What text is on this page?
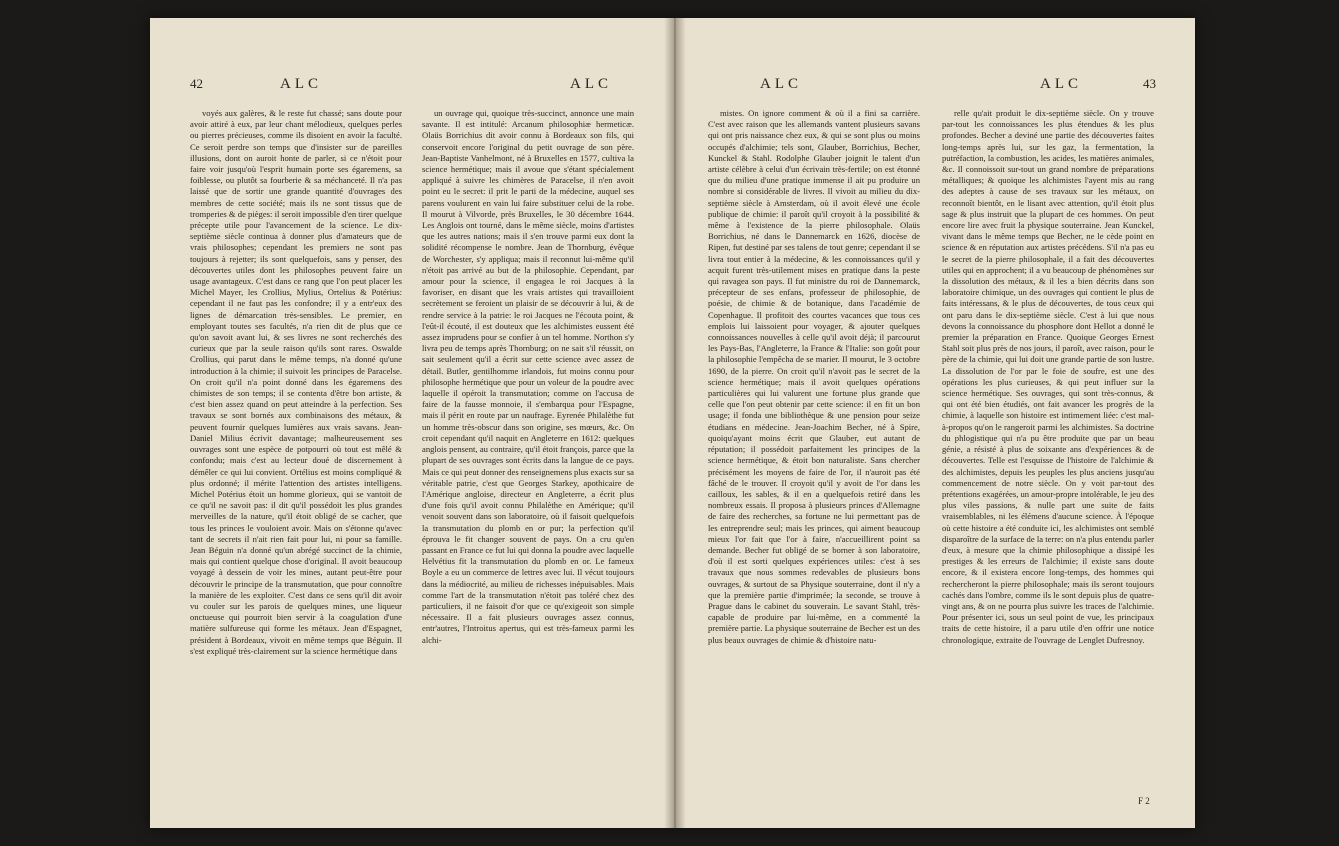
42	ALC	ALC

voyés aux galères, & le reste fut chassé; sans doute pour avoir attiré à eux, par leur chant mélodieux, quelques perles ou pierres précieuses, comme ils disoient en avoir la faculté. Ce seroit perdre son temps que d'insister sur de pareilles illusions, dont on auroit honte de parler, si ce n'étoit pour faire voir jusqu'où l'esprit humain porte ses égaremens, sa foiblesse, ou plutôt sa fourberie & sa méchanceté. Il n'a pas laissé que de sortir une grande quantité d'ouvrages des membres de cette société; mais ils ne sont tissus que de tromperies & de pièges: il seroit impossible d'en tirer quelque précepte utile pour l'avancement de la science. Le dix-septième siècle continua à donner plus d'amateurs que de vrais philosophes; cependant les premiers ne sont pas toujours à rejetter; ils sont quelquefois, sans y penser, des découvertes utiles dont les philosophes peuvent faire un usage avantageux. C'est dans ce rang que l'on peut placer les Michel Mayer, les Crollius, Mylius, Ortelius & Potérius: cependant il ne faut pas les confondre; il y a entr'eux des lignes de démarcation très-sensibles. Le premier, en employant toutes ses facultés, n'a rien dit de plus que ce qu'on savoit avant lui, & ses livres ne sont recherchés des curieux que par la seule raison qu'ils sont rares. Oswalde Crollius, qui parut dans le même temps, n'a donné qu'une introduction à la chimie; il suivoit les principes de Paracelse. On croit qu'il n'a point donné dans les égaremens des chimistes de son temps; il se contenta d'être bon artiste, & c'est bien assez quand on peut atteindre à la perfection. Ses travaux se sont bornés aux combinaisons des métaux, & peuvent fournir quelques lumières aux vrais savans. Jean-Daniel Milius écrivit davantage; malheureusement ses ouvrages sont une espèce de potpourri où tout est mêlé & confondu; mais c'est au lecteur doué de discernement à démêler ce qui lui convient. Ortélius est moins compliqué & plus ordonné; il mérite l'attention des artistes intelligens. Michel Potérius étoit un homme glorieux, qui se vantoit de ce qu'il ne savoit pas: il dit qu'il possédoit les plus grandes merveilles de la nature, qu'il étoit obligé de se cacher, que tous les princes le vouloient avoir. Mais on s'étonne qu'avec tant de secrets il n'ait rien fait pour lui, ni pour sa famille. Jean Béguin n'a donné qu'un abrégé succinct de la chimie, mais qui contient quelque chose d'original. Il avoit beaucoup voyagé à dessein de voir les mines, autant peut-être pour découvrir le principe de la transmutation, que pour connoître la manière de les exploiter. C'est dans ce sens qu'il dit avoir vu couler sur les parois de quelques mines, une liqueur onctueuse qui pourroit bien servir à la coagulation d'une matière sulfureuse qui forme les métaux. Jean d'Espagnet, président à Bordeaux, vivoit en même temps que Béguin. Il s'est expliqué très-clairement sur la science hermétique dans

un ouvrage qui, quoique très-succinct, annonce une main savante. Il est intitulé: Arcanum philosophiæ hermeticæ. Olaüs Borrichius dit avoir connu à Bordeaux son fils, qui conservoit encore l'original du petit ouvrage de son père. Jean-Baptiste Vanhelmont, né à Bruxelles en 1577, cultiva la science hermétique; mais il avoue que s'étant spécialement appliqué à suivre les chimères de Paracelse, il n'en avoit point eu le secret: il prit le parti de la médecine, auquel ses parens voulurent en vain lui faire substituer celui de la robe. Il mourut à Vilvorde, près Bruxelles, le 30 décembre 1644. Les Anglois ont tourné, dans le même siècle, moins d'artistes que les autres nations; mais il s'en trouve parmi eux dont la solidité récompense le nombre. Jean de Thornburg, évêque de Worchester, s'y appliqua; mais il reconnut lui-même qu'il n'étoit pas arrivé au but de la philosophie. Cependant, par amour pour la science, il engagea le roi Jacques à la favoriser, en disant que les vrais artistes qui travailloient secrètement se feroient un plaisir de se découvrir à lui, & de rendre service à la patrie: le roi Jacques ne l'écouta point, & l'eût-il écouté, il est douteux que les alchimistes eussent été assez imprudens pour se confier à un tel homme. Northon s'y livra peu de temps après Thornburg; on ne sait s'il réussit, on sait seulement qu'il a écrit sur cette science avec assez de détail. Butler, gentilhomme irlandois, fut moins connu pour philosophe hermétique que pour un voleur de la poudre avec laquelle il opéroit la transmutation; comme on l'accusa de faire de la fausse monnoie, il s'embarqua pour l'Espagne, mais il périt en route par un naufrage. Eyrenée Philalèthe fut un homme très-obscur dans son origine, ses mœurs, &c. On croit cependant qu'il naquit en Angleterre en 1612: quelques anglois pensent, au contraire, qu'il étoit françois, parce que la plupart de ses ouvrages sont écrits dans la langue de ce pays. Mais ce qui peut donner des renseignemens plus exacts sur sa véritable patrie, c'est que Georges Starkey, apothicaire de l'Amérique angloise, directeur en Angleterre, a écrit plus d'une fois qu'il avoit connu Philalèthe en Amérique; qu'il venoit souvent dans son laboratoire, où il faisoit quelquefois la transmutation du plomb en or pur; la perfection qu'il éprouva le fit changer souvent de pays. On a cru qu'en passant en France ce fut lui qui donna la poudre avec laquelle Helvétius fit la transmutation du plomb en or. Le fameux Boyle a eu un commerce de lettres avec lui. Il vécut toujours dans la médiocrité, au milieu de richesses inépuisables. Mais comme l'art de la transmutation n'étoit pas toléré chez des particuliers, il ne faisoit d'or que ce qu'exigeoit son simple nécessaire. Il a fait plusieurs ouvrages assez connus, entr'autres, l'Introitus apertus, qui est très-fameux parmi les alchi-

ALC	ALC	43

mistes. On ignore comment & où il a fini sa carrière. C'est avec raison que les allemands vantent plusieurs savans qui ont pris naissance chez eux, & qui se sont plus ou moins occupés d'alchimie; tels sont, Glauber, Borrichius, Becher, Kunckel & Stahl. Rodolphe Glauber joignit le talent d'un artiste célèbre à celui d'un écrivain très-fertile; on est étonné que du milieu d'une pratique immense il ait pu produire un nombre si considérable de livres. Il vivoit au milieu du dix-septième siècle à Amsterdam, où il avoit élevé une école publique de chimie: il paroît qu'il croyoit à la possibilité & même à l'existence de la pierre philosophale. Olaüs Borrichius, né dans le Dannemarck en 1626, diocèse de Ripen, fut destiné par ses talens de tout genre; cependant il se livra tout entier à la médecine, & les connoissances qu'il y acquit furent très-utilement mises en pratique dans la peste qui ravagea son pays. Il fut ministre du roi de Dannemarck, précepteur de ses enfans, professeur de philosophie, de poésie, de chimie & de botanique, dans l'académie de Copenhague. Il profitoit des courtes vacances que tous ces emplois lui laissoient pour voyager, & ajouter quelques connoissances nouvelles à celle qu'il avoit déjà; il parcourut les Pays-Bas, l'Angleterre, la France & l'Italie: son goût pour la philosophie l'empêcha de se marier. Il mourut, le 3 octobre 1690, de la pierre. On croit qu'il n'avoit pas le secret de la science hermétique; mais il avoit quelques opérations particulières qui lui valurent une fortune plus grande que celle que l'on peut obtenir par cette science: il en fit un bon usage; il fonda une bibliothèque & une pension pour seize étudians en médecine. Jean-Joachim Becher, né à Spire, quoiqu'ayant moins écrit que Glauber, eut autant de réputation; il possédoit parfaitement les principes de la science hermétique, & étoit bon naturaliste. Sans chercher précisément les moyens de faire de l'or, il n'auroit pas été fâché de le trouver. Il croyoit qu'il y avoit de l'or dans les cailloux, les sables, & il en a quelquefois retiré dans les nombreux essais. Il proposa à plusieurs princes d'Allemagne de faire des recherches, sa fortune ne lui permettant pas de les entreprendre seul; mais les princes, qui aiment beaucoup mieux l'or fait que l'or à faire, n'accueillirent point sa demande. Becher fut obligé de se borner à son laboratoire, d'où il est sorti quelques expériences utiles: c'est à ses travaux que nous sommes redevables de plusieurs bons ouvrages, & surtout de sa Physique souterraine, dont il n'y a que la première partie d'imprimée; la seconde, se trouve à Prague dans le cabinet du souverain. Le savant Stahl, très-capable de produire par lui-même, en a commenté la première partie. La physique souterraine de Becher est un des plus beaux ouvrages de chimie & d'histoire natu-

relle qu'ait produit le dix-septième siècle. On y trouve par-tout les connoissances les plus étendues & les plus profondes. Becher a deviné une partie des découvertes faites long-temps après lui, sur les gaz, la fermentation, la putréfaction, la combustion, les acides, les matières animales, &c. Il connoissoit sur-tout un grand nombre de préparations métalliques; & quoique les alchimistes l'ayent mis au rang des adeptes à cause de ses travaux sur les métaux, on reconnoît bientôt, en le lisant avec attention, qu'il étoit plus sage & plus instruit que la plupart de ces hommes. On peut encore lire avec fruit la physique souterraine. Jean Kunckel, vivant dans le même temps que Becher, ne le cède point en science & en réputation aux artistes précédens. S'il n'a pas eu le secret de la pierre philosophale, il a fait des découvertes utiles qui en approchent; il a vu beaucoup de phénomènes sur la dissolution des métaux, & il les a bien décrits dans son laboratoire chimique, un des ouvrages qui contient le plus de faits intéressans, & le plus de découvertes, de tous ceux qui ont paru dans le dix-septième siècle. C'est à lui que nous devons la connoissance du phosphore dont Hellot a donné le premier la préparation en France. Quoique Georges Ernest Stahl soit plus près de nos jours, il paroît, avec raison, pour le père de la chimie, qui lui doit une grande partie de son lustre. La dissolution de l'or par le foie de soufre, est une des opérations les plus curieuses, & qui peut influer sur la science hermétique. Ses ouvrages, qui sont très-connus, & qui ont été bien étudiés, ont fait avancer les progrès de la chimie, à laquelle son histoire est intimement liée: c'est mal-à-propos qu'on le rangeroit parmi les alchimistes. Sa doctrine du phlogistique qui n'a pu être produite que par un beau génie, a résisté à plus de soixante ans d'expériences & de découvertes. Telle est l'esquisse de l'histoire de l'alchimie & des alchimistes, depuis les peuples les plus anciens jusqu'au commencement de notre siècle. On y voit par-tout des prétentions exagérées, un amour-propre intolérable, le jeu des plus viles passions, & nulle part une suite de faits vraisemblables, ni les élémens d'aucune science. À l'époque où cette histoire a été conduite ici, les alchimistes ont semblé disparoître de la surface de la terre: on n'a plus entendu parler d'eux, à mesure que la chimie philosophique a dissipé les prestiges & les erreurs de l'alchimie; il existe sans doute encore, & il existera encore long-temps, des hommes qui rechercheront la pierre philosophale; mais ils seront toujours cachés dans l'ombre, comme ils le sont depuis plus de quatre-vingt ans, & on ne pourra plus suivre les traces de l'alchimie. Pour présenter ici, sous un seul point de vue, les principaux traits de cette histoire, il a paru utile d'en offrir une notice chronologique, extraite de l'ouvrage de Lenglet Dufresnoy.

F 2
